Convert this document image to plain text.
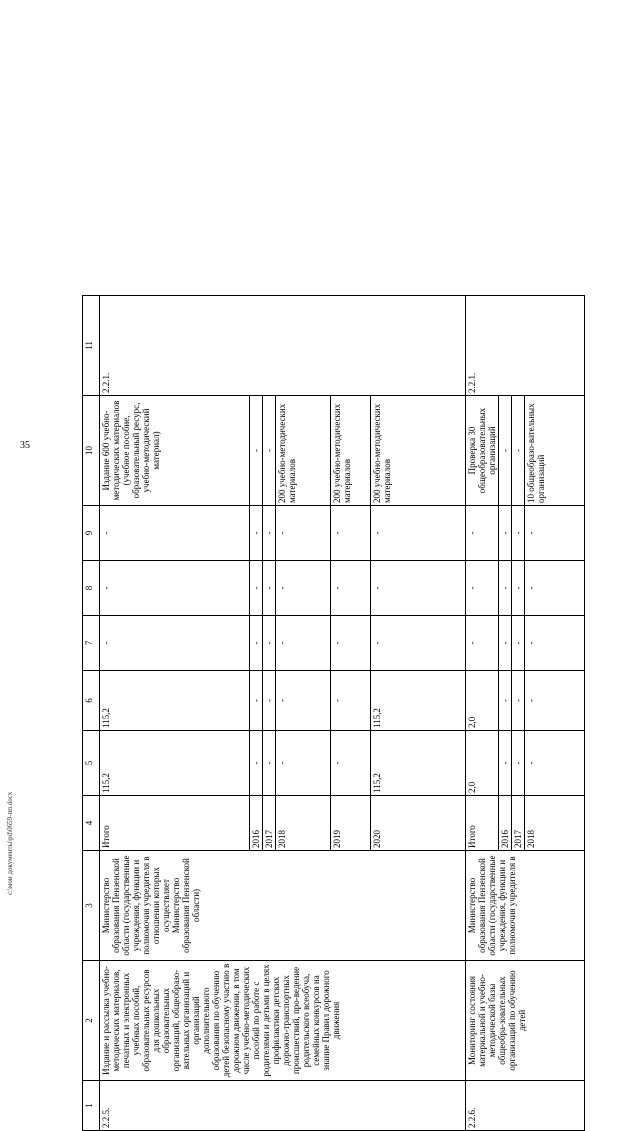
35
1	2	3	4	5	6	7	8	9	10	11
2.2.5.	Издание и рассылка учебно-методических материалов, печатных и электронных учебных пособий, образовательных ресурсов для дошкольных образовательных организаций, общеобразо-вательных организаций и организаций дополнительного образования по обучению детей безопасному участию в дорожном движении, в том числе учебно-методических пособий по работе с родителями и детьми в целях профилактики детских дорожно-транспортных происшествий, про-ведение родительского всеобуча, семейных конкурсов на знание Правил дорожного движения	Министерство образования Пензенской области (государственные учреждения, функции и полномочия учредителя в отношении которых осуществляет Министерство образования Пензенской области)	Итого	115,2	115,2	-	-	-	Издание 600 учебно-методических материалов (учебное пособие, образовательный ресурс, учебно-методический материал)	2.2.1.
			2016	-	-	-	-	-	-	
			2017	-	-	-	-	-	-	
			2018	-	-	-	-	-	200 учебно-методических материалов	
			2019	-	-	-	-	-	200 учебно-методических материалов	
			2020	115,2	115,2	-	-	-	200 учебно-методических материалов	
2.2.6.	Мониторинг состояния материальной и учебно-методической базы общеобра-зовательных организаций по обучению детей	Министерство образования Пензенской области (государственные учреждения, функции и полномочия учредителя в	Итого	2,0	2,0	-	-	-	Проверка 30 общеобразовательных организаций	2.2.1.
			2016	-	-	-	-	-	-	
			2017	-	-	-	-	-	-	
			2018	-	-	-	-	-	10 общеобразо-вательных организаций	
c:\мои документы\pd\0659-пп.docx
